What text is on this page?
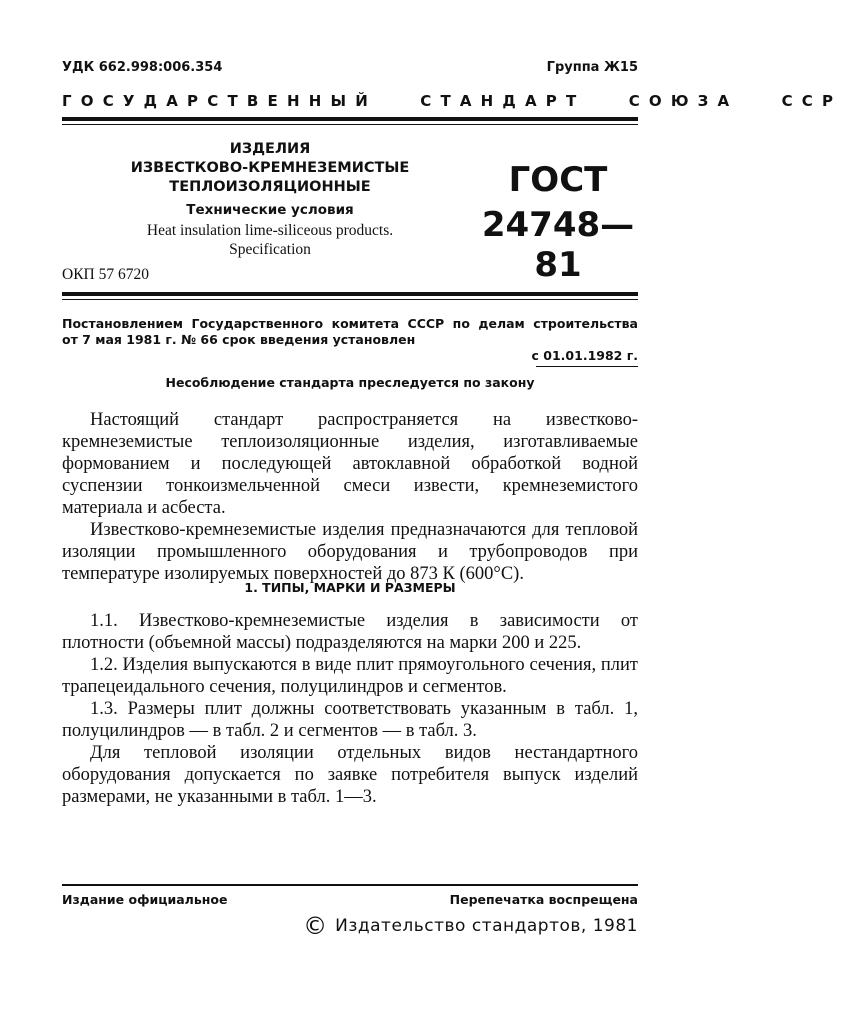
УДК 662.998:006.354	Группа Ж15
ГОСУДАРСТВЕННЫЙ   СТАНДАРТ   СОЮЗА   ССР
ИЗДЕЛИЯ
ИЗВЕСТКОВО-КРЕМНЕЗЕМИСТЫЕ
ТЕПЛОИЗОЛЯЦИОННЫЕ
Технические условия
Heat insulation lime-siliceous products.
Specification
ГОСТ
24748—81
ОКП 57 6720
Постановлением Государственного комитета СССР по делам строительства
от 7 мая 1981 г. № 66 срок введения установлен
с 01.01.1982 г.
Несоблюдение стандарта преследуется по закону

Настоящий стандарт распространяется на известково-кремнеземистые теплоизоляционные изделия, изготавливаемые формованием и последующей автоклавной обработкой водной суспензии тонкоизмельченной смеси извести, кремнеземистого материала и асбеста.

Известково-кремнеземистые изделия предназначаются для тепловой изоляции промышленного оборудования и трубопроводов при температуре изолируемых поверхностей до 873 К (600°С).

1. ТИПЫ, МАРКИ И РАЗМЕРЫ

1.1. Известково-кремнеземистые изделия в зависимости от плотности (объемной массы) подразделяются на марки 200 и 225.

1.2. Изделия выпускаются в виде плит прямоугольного сечения, плит трапецеидального сечения, полуцилиндров и сегментов.

1.3. Размеры плит должны соответствовать указанным в табл. 1, полуцилиндров — в табл. 2 и сегментов — в табл. 3.

Для тепловой изоляции отдельных видов нестандартного оборудования допускается по заявке потребителя выпуск изделий размерами, не указанными в табл. 1—3.

Издание официальное	Перепечатка воспрещена
© Издательство стандартов, 1981
